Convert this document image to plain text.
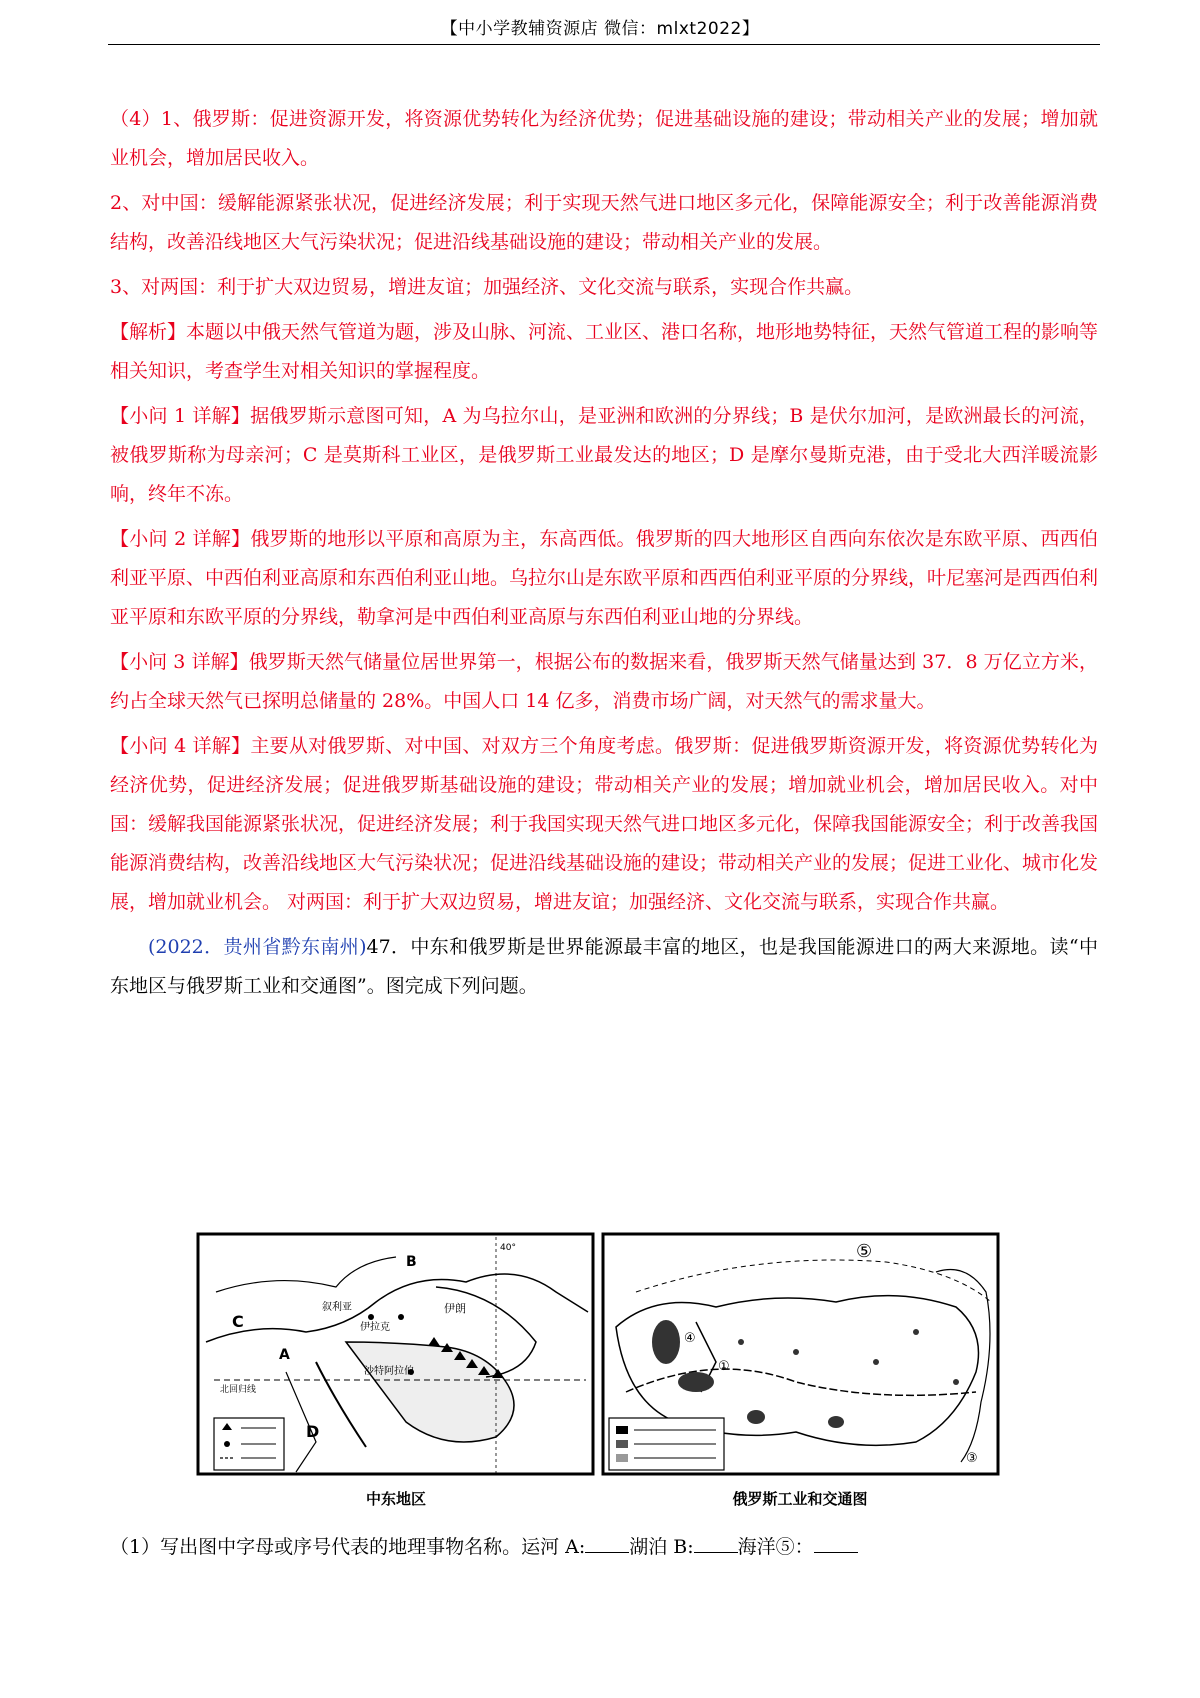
【中小学教辅资源店 微信：mlxt2022】

（4）1、俄罗斯：促进资源开发，将资源优势转化为经济优势；促进基础设施的建设；带动相关产业的发展；增加就业机会，增加居民收入。

2、对中国：缓解能源紧张状况，促进经济发展；利于实现天然气进口地区多元化，保障能源安全；利于改善能源消费结构，改善沿线地区大气污染状况；促进沿线基础设施的建设；带动相关产业的发展。

3、对两国：利于扩大双边贸易，增进友谊；加强经济、文化交流与联系，实现合作共赢。

【解析】本题以中俄天然气管道为题，涉及山脉、河流、工业区、港口名称，地形地势特征，天然气管道工程的影响等相关知识，考查学生对相关知识的掌握程度。

【小问 1 详解】据俄罗斯示意图可知，A 为乌拉尔山，是亚洲和欧洲的分界线；B 是伏尔加河，是欧洲最长的河流，被俄罗斯称为母亲河；C 是莫斯科工业区，是俄罗斯工业最发达的地区；D 是摩尔曼斯克港，由于受北大西洋暖流影响，终年不冻。

【小问 2 详解】俄罗斯的地形以平原和高原为主，东高西低。俄罗斯的四大地形区自西向东依次是东欧平原、西西伯利亚平原、中西伯利亚高原和东西伯利亚山地。乌拉尔山是东欧平原和西西伯利亚平原的分界线，叶尼塞河是西西伯利亚平原和东欧平原的分界线，勒拿河是中西伯利亚高原与东西伯利亚山地的分界线。

【小问 3 详解】俄罗斯天然气储量位居世界第一，根据公布的数据来看，俄罗斯天然气储量达到 37．8 万亿立方米，约占全球天然气已探明总储量的 28%。中国人口 14 亿多，消费市场广阔，对天然气的需求量大。

【小问 4 详解】主要从对俄罗斯、对中国、对双方三个角度考虑。俄罗斯：促进俄罗斯资源开发，将资源优势转化为经济优势，促进经济发展；促进俄罗斯基础设施的建设；带动相关产业的发展；增加就业机会，增加居民收入。对中国：缓解我国能源紧张状况，促进经济发展；利于我国实现天然气进口地区多元化，保障我国能源安全；利于改善我国能源消费结构，改善沿线地区大气污染状况；促进沿线基础设施的建设；带动相关产业的发展；促进工业化、城市化发展，增加就业机会。 对两国：利于扩大双边贸易，增进友谊；加强经济、文化交流与联系，实现合作共赢。

(2022．贵州省黔东南州)47．中东和俄罗斯是世界能源最丰富的地区，也是我国能源进口的两大来源地。读“中东地区与俄罗斯工业和交通图”。图完成下列问题。

B
C
A
D
叙利亚
伊拉克
伊朗
沙特阿拉伯
北回归线
40°
中东地区
⑤
④
①
③
俄罗斯工业和交通图
（1）写出图中字母或序号代表的地理事物名称。运河 A: 湖泊 B: 海洋⑤：
